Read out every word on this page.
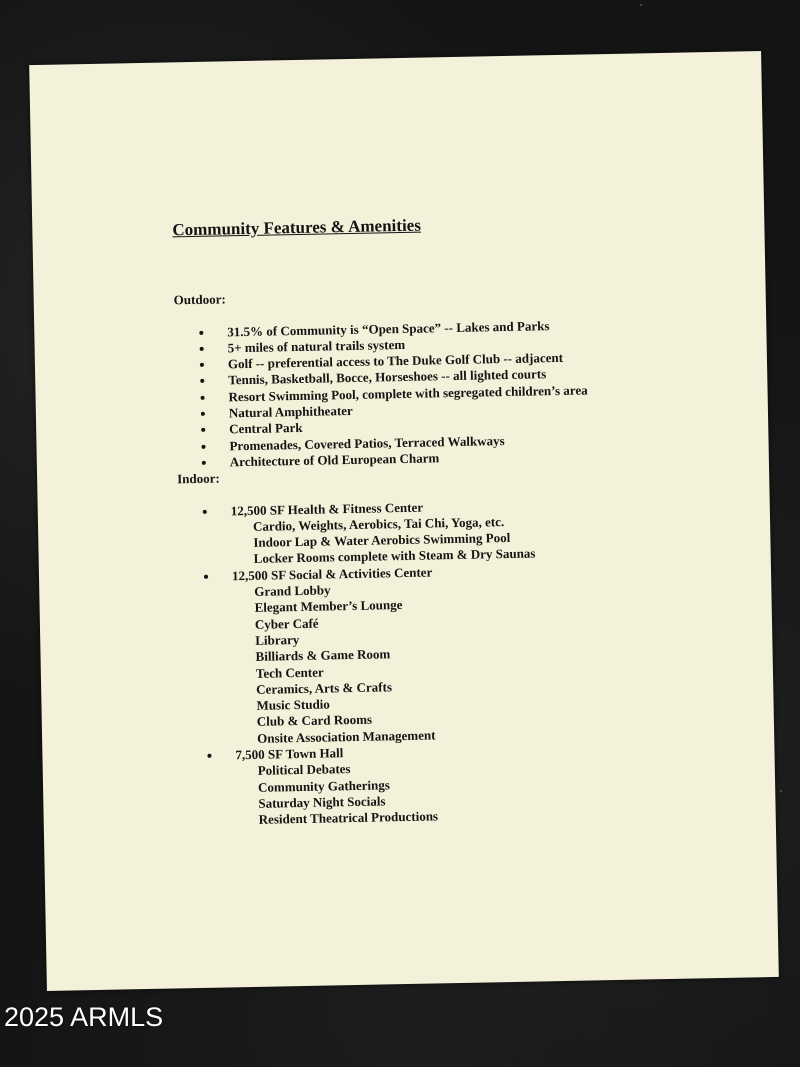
Community Features & Amenities
Outdoor:
31.5% of Community is “Open Space” -- Lakes and Parks
5+ miles of natural trails system
Golf -- preferential access to The Duke Golf Club -- adjacent
Tennis, Basketball, Bocce, Horseshoes -- all lighted courts
Resort Swimming Pool, complete with segregated children’s area
Natural Amphitheater
Central Park
Promenades, Covered Patios, Terraced Walkways
Architecture of Old European Charm
Indoor:
12,500 SF Health & Fitness Center
Cardio, Weights, Aerobics, Tai Chi, Yoga, etc.
Indoor Lap & Water Aerobics Swimming Pool
Locker Rooms complete with Steam & Dry Saunas
12,500 SF Social & Activities Center
Grand Lobby
Elegant Member’s Lounge
Cyber Café
Library
Billiards & Game Room
Tech Center
Ceramics, Arts & Crafts
Music Studio
Club & Card Rooms
Onsite Association Management
7,500 SF Town Hall
Political Debates
Community Gatherings
Saturday Night Socials
Resident Theatrical Productions
2025 ARMLS
